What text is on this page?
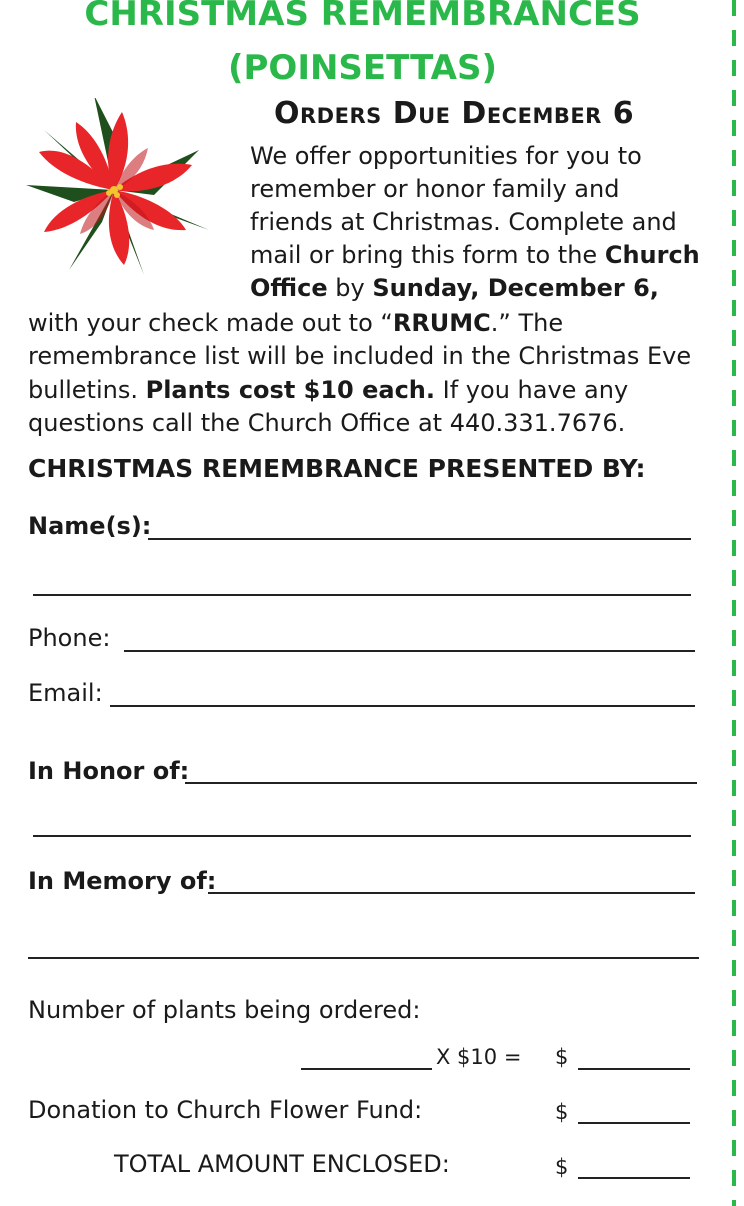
CHRISTMAS REMEMBRANCES
(POINSETTAS)
Orders Due December 6
We offer opportunities for you to
remember or honor family and
friends at Christmas. Complete and
mail or bring this form to the Church
Office by Sunday, December 6,
with your check made out to “RRUMC.” The
remembrance list will be included in the Christmas Eve
bulletins. Plants cost $10 each. If you have any
questions call the Church Office at 440.331.7676.
CHRISTMAS REMEMBRANCE PRESENTED BY:
Name(s):
Phone:
Email:
In Honor of:
In Memory of:
Number of plants being ordered:
X $10 = $
Donation to Church Flower Fund:	$
TOTAL AMOUNT ENCLOSED:	$
